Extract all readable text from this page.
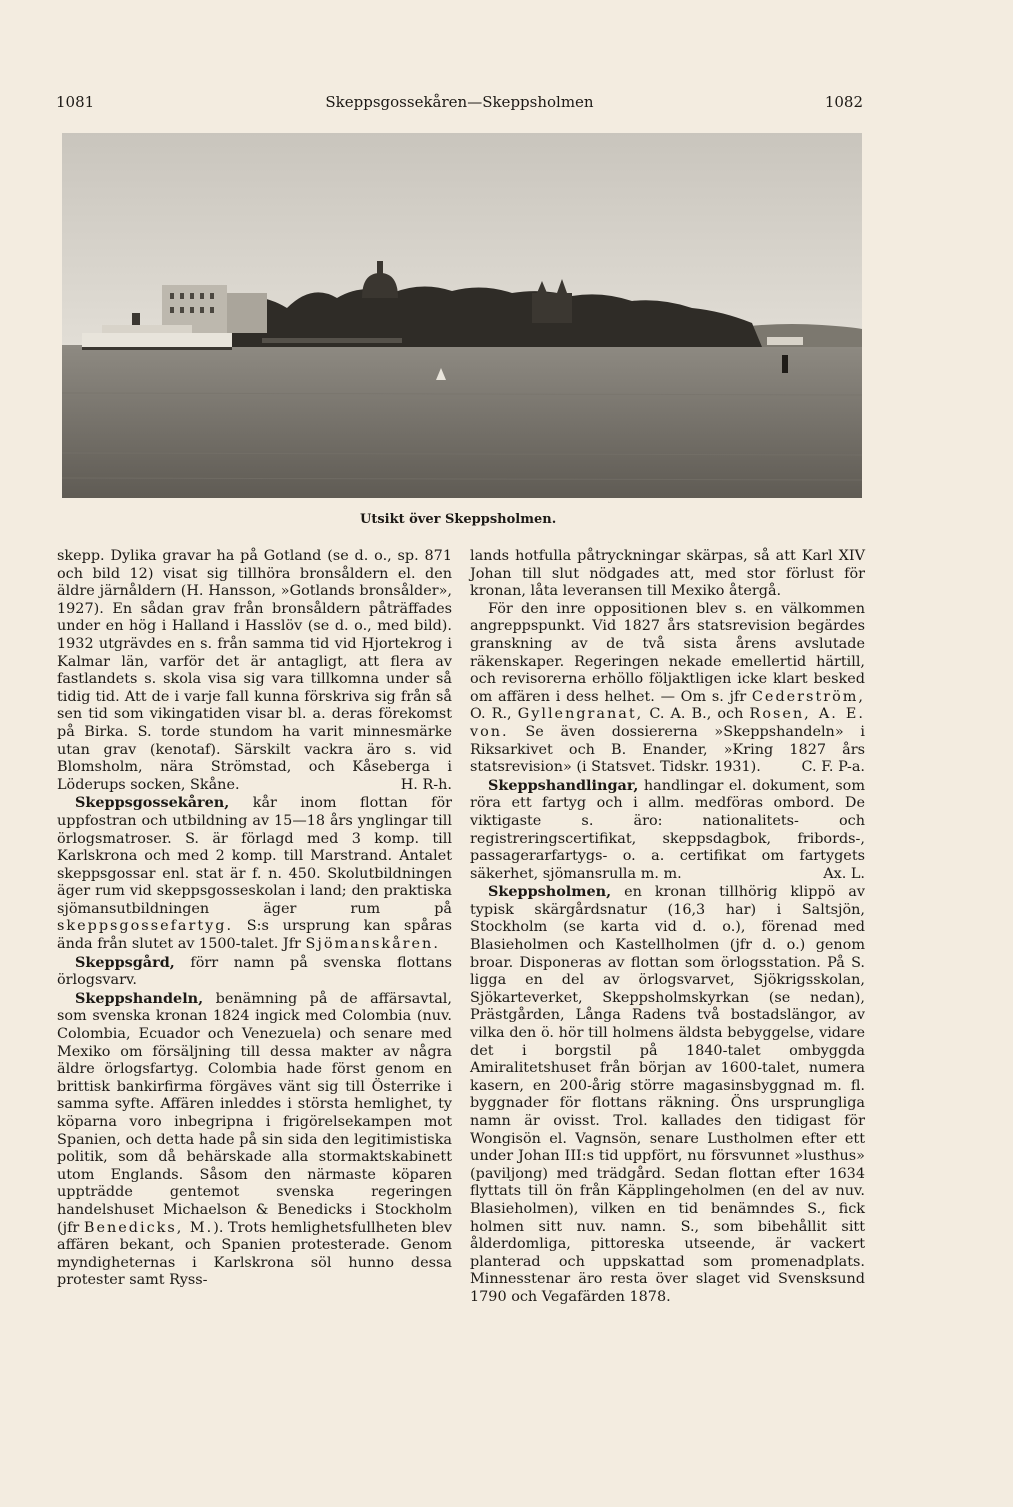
1081	Skeppsgossekåren—Skeppsholmen	1082
Utsikt över Skeppsholmen.

skepp. Dylika gravar ha på Gotland (se d. o., sp. 871 och bild 12) visat sig tillhöra bronsåldern el. den äldre järnåldern (H. Hansson, »Gotlands bronsålder», 1927). En sådan grav från bronsåldern påträffades under en hög i Halland i Hasslöv (se d. o., med bild). 1932 utgrävdes en s. från samma tid vid Hjortekrog i Kalmar län, varför det är antagligt, att flera av fastlandets s. skola visa sig vara tillkomna under så tidig tid. Att de i varje fall kunna förskriva sig från så sen tid som vikingatiden visar bl. a. deras förekomst på Birka. S. torde stundom ha varit minnesmärke utan grav (kenotaf). Särskilt vackra äro s. vid Blomsholm, nära Strömstad, och Kåseberga i Löderups socken, Skåne.	H. R-h.

Skeppsgossekåren, kår inom flottan för uppfostran och utbildning av 15—18 års ynglingar till örlogsmatroser. S. är förlagd med 3 komp. till Karlskrona och med 2 komp. till Marstrand. Antalet skeppsgossar enl. stat är f. n. 450. Skolutbildningen äger rum vid skeppsgosseskolan i land; den praktiska sjömansutbildningen äger rum på skeppsgossefartyg. S:s ursprung kan spåras ända från slutet av 1500-talet. Jfr Sjömanskåren.

Skeppsgård, förr namn på svenska flottans örlogsvarv.

Skeppshandeln, benämning på de affärsavtal, som svenska kronan 1824 ingick med Colombia (nuv. Colombia, Ecuador och Venezuela) och senare med Mexiko om försäljning till dessa makter av några äldre örlogsfartyg. Colombia hade först genom en brittisk bankirfirma förgäves vänt sig till Österrike i samma syfte. Affären inleddes i största hemlighet, ty köparna voro inbegripna i frigörelsekampen mot Spanien, och detta hade på sin sida den legitimistiska politik, som då behärskade alla stormaktskabinett utom Englands. Såsom den närmaste köparen uppträdde gentemot svenska regeringen handelshuset Michaelson & Benedicks i Stockholm (jfr Benedicks, M.). Trots hemlighetsfullheten blev affären bekant, och Spanien protesterade. Genom myndigheternas i Karlskrona söl hunno dessa protester samt Ryss-

lands hotfulla påtryckningar skärpas, så att Karl XIV Johan till slut nödgades att, med stor förlust för kronan, låta leveransen till Mexiko återgå.

För den inre oppositionen blev s. en välkommen angreppspunkt. Vid 1827 års statsrevision begärdes granskning av de två sista årens avslutade räkenskaper. Regeringen nekade emellertid härtill, och revisorerna erhöllo följaktligen icke klart besked om affären i dess helhet. — Om s. jfr Cederström, O. R., Gyllengranat, C. A. B., och Rosen, A. E. von. Se även dossiererna »Skeppshandeln» i Riksarkivet och B. Enander, »Kring 1827 års statsrevision» (i Statsvet. Tidskr. 1931).	C. F. P-a.

Skeppshandlingar, handlingar el. dokument, som röra ett fartyg och i allm. medföras ombord. De viktigaste s. äro: nationalitets- och registreringscertifikat, skeppsdagbok, fribords-, passagerarfartygs- o. a. certifikat om fartygets säkerhet, sjömansrulla m. m.	Ax. L.

Skeppsholmen, en kronan tillhörig klippö av typisk skärgårdsnatur (16,3 har) i Saltsjön, Stockholm (se karta vid d. o.), förenad med Blasieholmen och Kastellholmen (jfr d. o.) genom broar. Disponeras av flottan som örlogsstation. På S. ligga en del av örlogsvarvet, Sjökrigsskolan, Sjökarteverket, Skeppsholmskyrkan (se nedan), Prästgården, Långa Radens två bostadslängor, av vilka den ö. hör till holmens äldsta bebyggelse, vidare det i borgstil på 1840-talet ombyggda Amiralitetshuset från början av 1600-talet, numera kasern, en 200-årig större magasinsbyggnad m. fl. byggnader för flottans räkning. Öns ursprungliga namn är ovisst. Trol. kallades den tidigast för Wongisön el. Vagnsön, senare Lustholmen efter ett under Johan III:s tid uppfört, nu försvunnet »lusthus» (paviljong) med trädgård. Sedan flottan efter 1634 flyttats till ön från Käpplingeholmen (en del av nuv. Blasieholmen), vilken en tid benämndes S., fick holmen sitt nuv. namn. S., som bibehållit sitt ålderdomliga, pittoreska utseende, är vackert planterad och uppskattad som promenadplats. Minnesstenar äro resta över slaget vid Svensksund 1790 och Vegafärden 1878.
